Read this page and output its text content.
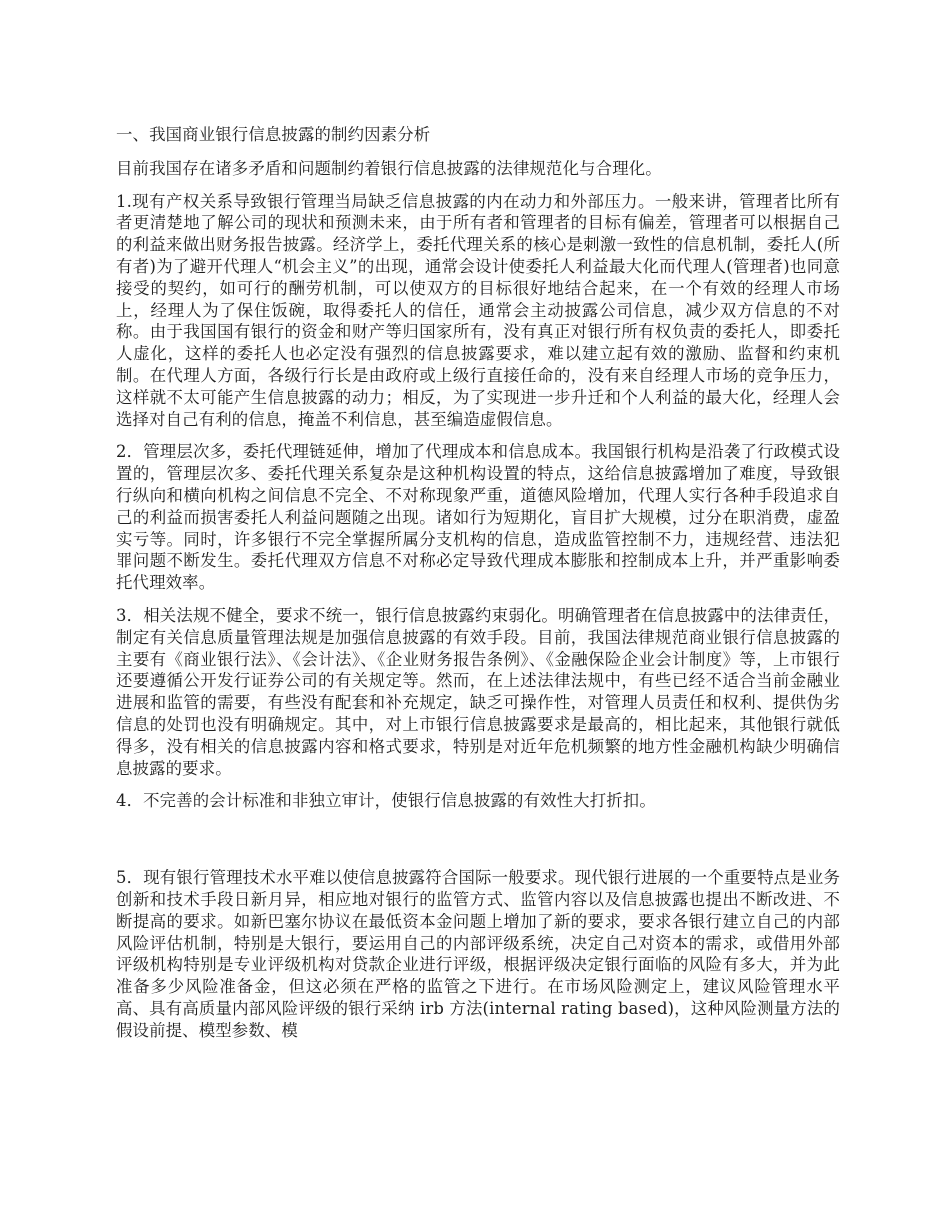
一、我国商业银行信息披露的制约因素分析

目前我国存在诸多矛盾和问题制约着银行信息披露的法律规范化与合理化。

1.现有产权关系导致银行管理当局缺乏信息披露的内在动力和外部压力。一般来讲，管理者比所有者更清楚地了解公司的现状和预测未来，由于所有者和管理者的目标有偏差，管理者可以根据自己的利益来做出财务报告披露。经济学上，委托代理关系的核心是刺激一致性的信息机制，委托人(所有者)为了避开代理人“机会主义”的出现，通常会设计使委托人利益最大化而代理人(管理者)也同意接受的契约，如可行的酬劳机制，可以使双方的目标很好地结合起来，在一个有效的经理人市场上，经理人为了保住饭碗，取得委托人的信任，通常会主动披露公司信息，减少双方信息的不对称。由于我国国有银行的资金和财产等归国家所有，没有真正对银行所有权负责的委托人，即委托人虚化，这样的委托人也必定没有强烈的信息披露要求，难以建立起有效的激励、监督和约束机制。在代理人方面，各级行行长是由政府或上级行直接任命的，没有来自经理人市场的竞争压力，这样就不太可能产生信息披露的动力；相反，为了实现进一步升迁和个人利益的最大化，经理人会选择对自己有利的信息，掩盖不利信息，甚至编造虚假信息。

2．管理层次多，委托代理链延伸，增加了代理成本和信息成本。我国银行机构是沿袭了行政模式设置的，管理层次多、委托代理关系复杂是这种机构设置的特点，这给信息披露增加了难度，导致银行纵向和横向机构之间信息不完全、不对称现象严重，道德风险增加，代理人实行各种手段追求自己的利益而损害委托人利益问题随之出现。诸如行为短期化，盲目扩大规模，过分在职消费，虚盈实亏等。同时，许多银行不完全掌握所属分支机构的信息，造成监管控制不力，违规经营、违法犯罪问题不断发生。委托代理双方信息不对称必定导致代理成本膨胀和控制成本上升，并严重影响委托代理效率。

3．相关法规不健全，要求不统一，银行信息披露约束弱化。明确管理者在信息披露中的法律责任，制定有关信息质量管理法规是加强信息披露的有效手段。目前，我国法律规范商业银行信息披露的主要有《商业银行法》、《会计法》、《企业财务报告条例》、《金融保险企业会计制度》等，上市银行还要遵循公开发行证券公司的有关规定等。然而，在上述法律法规中，有些已经不适合当前金融业进展和监管的需要，有些没有配套和补充规定，缺乏可操作性，对管理人员责任和权利、提供伪劣信息的处罚也没有明确规定。其中，对上市银行信息披露要求是最高的，相比起来，其他银行就低得多，没有相关的信息披露内容和格式要求，特别是对近年危机频繁的地方性金融机构缺少明确信息披露的要求。

4．不完善的会计标准和非独立审计，使银行信息披露的有效性大打折扣。

5．现有银行管理技术水平难以使信息披露符合国际一般要求。现代银行进展的一个重要特点是业务创新和技术手段日新月异，相应地对银行的监管方式、监管内容以及信息披露也提出不断改进、不断提高的要求。如新巴塞尔协议在最低资本金问题上增加了新的要求，要求各银行建立自己的内部风险评估机制，特别是大银行，要运用自己的内部评级系统，决定自己对资本的需求，或借用外部评级机构特别是专业评级机构对贷款企业进行评级，根据评级决定银行面临的风险有多大，并为此准备多少风险准备金，但这必须在严格的监管之下进行。在市场风险测定上，建议风险管理水平高、具有高质量内部风险评级的银行采纳 irb 方法(internal rating based)，这种风险测量方法的假设前提、模型参数、模
